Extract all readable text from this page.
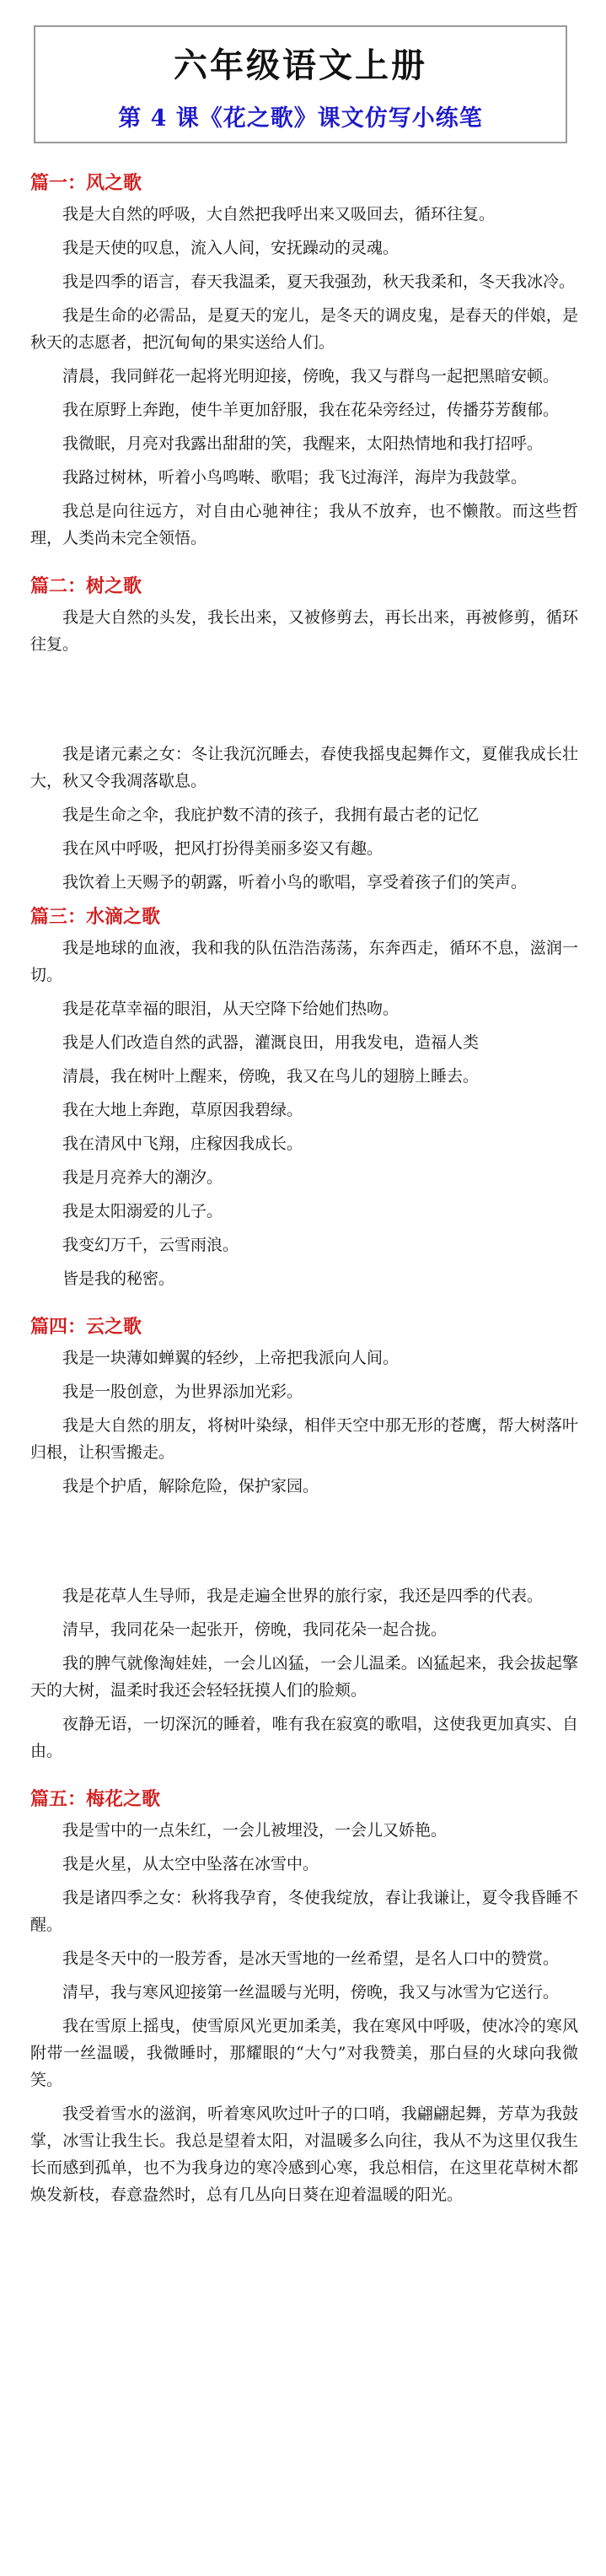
六年级语文上册
第 4 课《花之歌》课文仿写小练笔
篇一：风之歌

我是大自然的呼吸，大自然把我呼出来又吸回去，循环往复。

我是天使的叹息，流入人间，安抚躁动的灵魂。

我是四季的语言，春天我温柔，夏天我强劲，秋天我柔和，冬天我冰冷。

我是生命的必需品，是夏天的宠儿，是冬天的调皮鬼，是春天的伴娘，是秋天的志愿者，把沉甸甸的果实送给人们。

清晨，我同鲜花一起将光明迎接，傍晚，我又与群鸟一起把黑暗安顿。

我在原野上奔跑，使牛羊更加舒服，我在花朵旁经过，传播芬芳馥郁。

我微眠，月亮对我露出甜甜的笑，我醒来，太阳热情地和我打招呼。

我路过树林，听着小鸟鸣啭、歌唱；我飞过海洋，海岸为我鼓掌。

我总是向往远方，对自由心驰神往；我从不放弃，也不懒散。而这些哲理，人类尚未完全领悟。

篇二：树之歌

我是大自然的头发，我长出来，又被修剪去，再长出来，再被修剪，循环往复。

我是诸元素之女：冬让我沉沉睡去，春使我摇曳起舞作文，夏催我成长壮大，秋又令我凋落歇息。

我是生命之伞，我庇护数不清的孩子，我拥有最古老的记忆

我在风中呼吸，把风打扮得美丽多姿又有趣。

我饮着上天赐予的朝露，听着小鸟的歌唱，享受着孩子们的笑声。

篇三：水滴之歌

我是地球的血液，我和我的队伍浩浩荡荡，东奔西走，循环不息，滋润一切。

我是花草幸福的眼泪，从天空降下给她们热吻。

我是人们改造自然的武器，灌溉良田，用我发电，造福人类

清晨，我在树叶上醒来，傍晚，我又在鸟儿的翅膀上睡去。

我在大地上奔跑，草原因我碧绿。

我在清风中飞翔，庄稼因我成长。

我是月亮养大的潮汐。

我是太阳溺爱的儿子。

我变幻万千，云雪雨浪。

皆是我的秘密。

篇四：云之歌

我是一块薄如蝉翼的轻纱，上帝把我派向人间。

我是一股创意，为世界添加光彩。

我是大自然的朋友，将树叶染绿，相伴天空中那无形的苍鹰，帮大树落叶归根，让积雪搬走。

我是个护盾，解除危险，保护家园。

我是花草人生导师，我是走遍全世界的旅行家，我还是四季的代表。

清早，我同花朵一起张开，傍晚，我同花朵一起合拢。

我的脾气就像淘娃娃，一会儿凶猛，一会儿温柔。凶猛起来，我会拔起擎天的大树，温柔时我还会轻轻抚摸人们的脸颊。

夜静无语，一切深沉的睡着，唯有我在寂寞的歌唱，这使我更加真实、自由。

篇五：梅花之歌

我是雪中的一点朱红，一会儿被埋没，一会儿又娇艳。

我是火星，从太空中坠落在冰雪中。

我是诸四季之女：秋将我孕育，冬使我绽放，春让我谦让，夏令我昏睡不醒。

我是冬天中的一股芳香，是冰天雪地的一丝希望，是名人口中的赞赏。

清早，我与寒风迎接第一丝温暖与光明，傍晚，我又与冰雪为它送行。

我在雪原上摇曳，使雪原风光更加柔美，我在寒风中呼吸，使冰冷的寒风附带一丝温暖，我微睡时，那耀眼的“大勺”对我赞美，那白昼的火球向我微笑。

我受着雪水的滋润，听着寒风吹过叶子的口哨，我翩翩起舞，芳草为我鼓掌，冰雪让我生长。我总是望着太阳，对温暖多么向往，我从不为这里仅我生长而感到孤单，也不为我身边的寒冷感到心寒，我总相信，在这里花草树木都焕发新枝，春意盎然时，总有几丛向日葵在迎着温暖的阳光。
